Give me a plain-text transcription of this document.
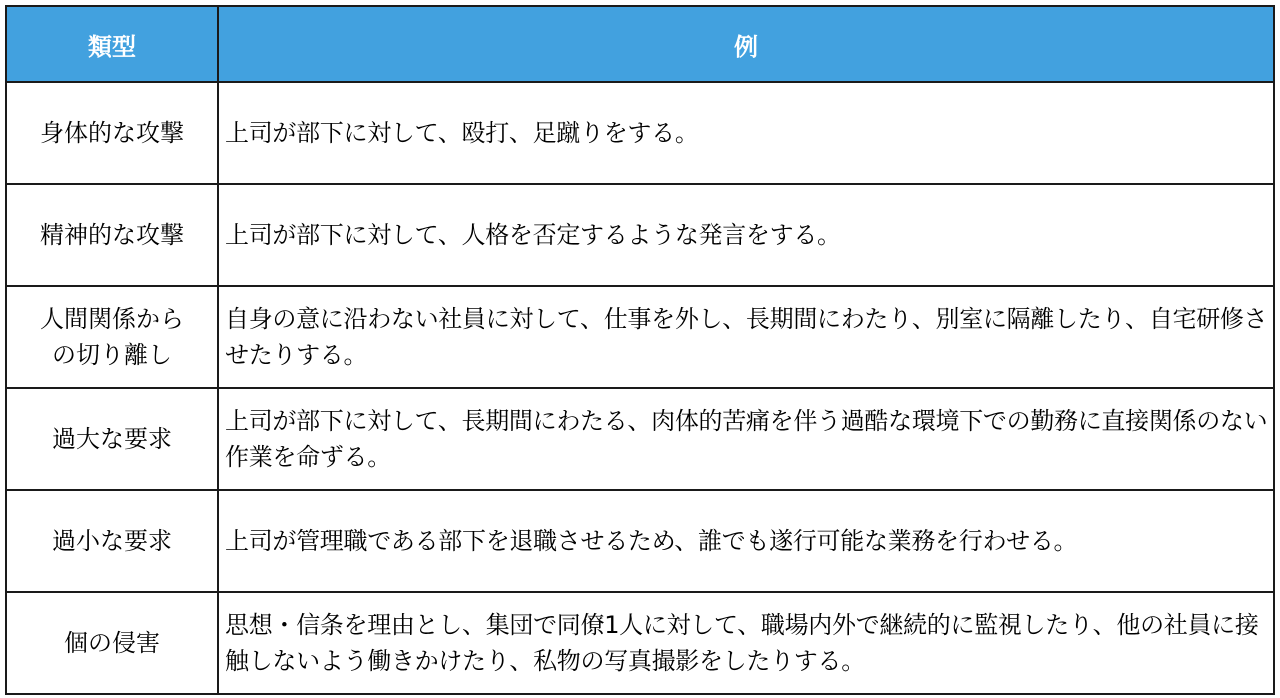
類型	例
身体的な攻撃	上司が部下に対して、殴打、足蹴りをする。
精神的な攻撃	上司が部下に対して、人格を否定するような発言をする。
人間関係からの切り離し	自身の意に沿わない社員に対して、仕事を外し、長期間にわたり、別室に隔離したり、自宅研修させたりする。
過大な要求	上司が部下に対して、長期間にわたる、肉体的苦痛を伴う過酷な環境下での勤務に直接関係のない作業を命ずる。
過小な要求	上司が管理職である部下を退職させるため、誰でも遂行可能な業務を行わせる。
個の侵害	思想・信条を理由とし、集団で同僚1人に対して、職場内外で継続的に監視したり、他の社員に接触しないよう働きかけたり、私物の写真撮影をしたりする。
